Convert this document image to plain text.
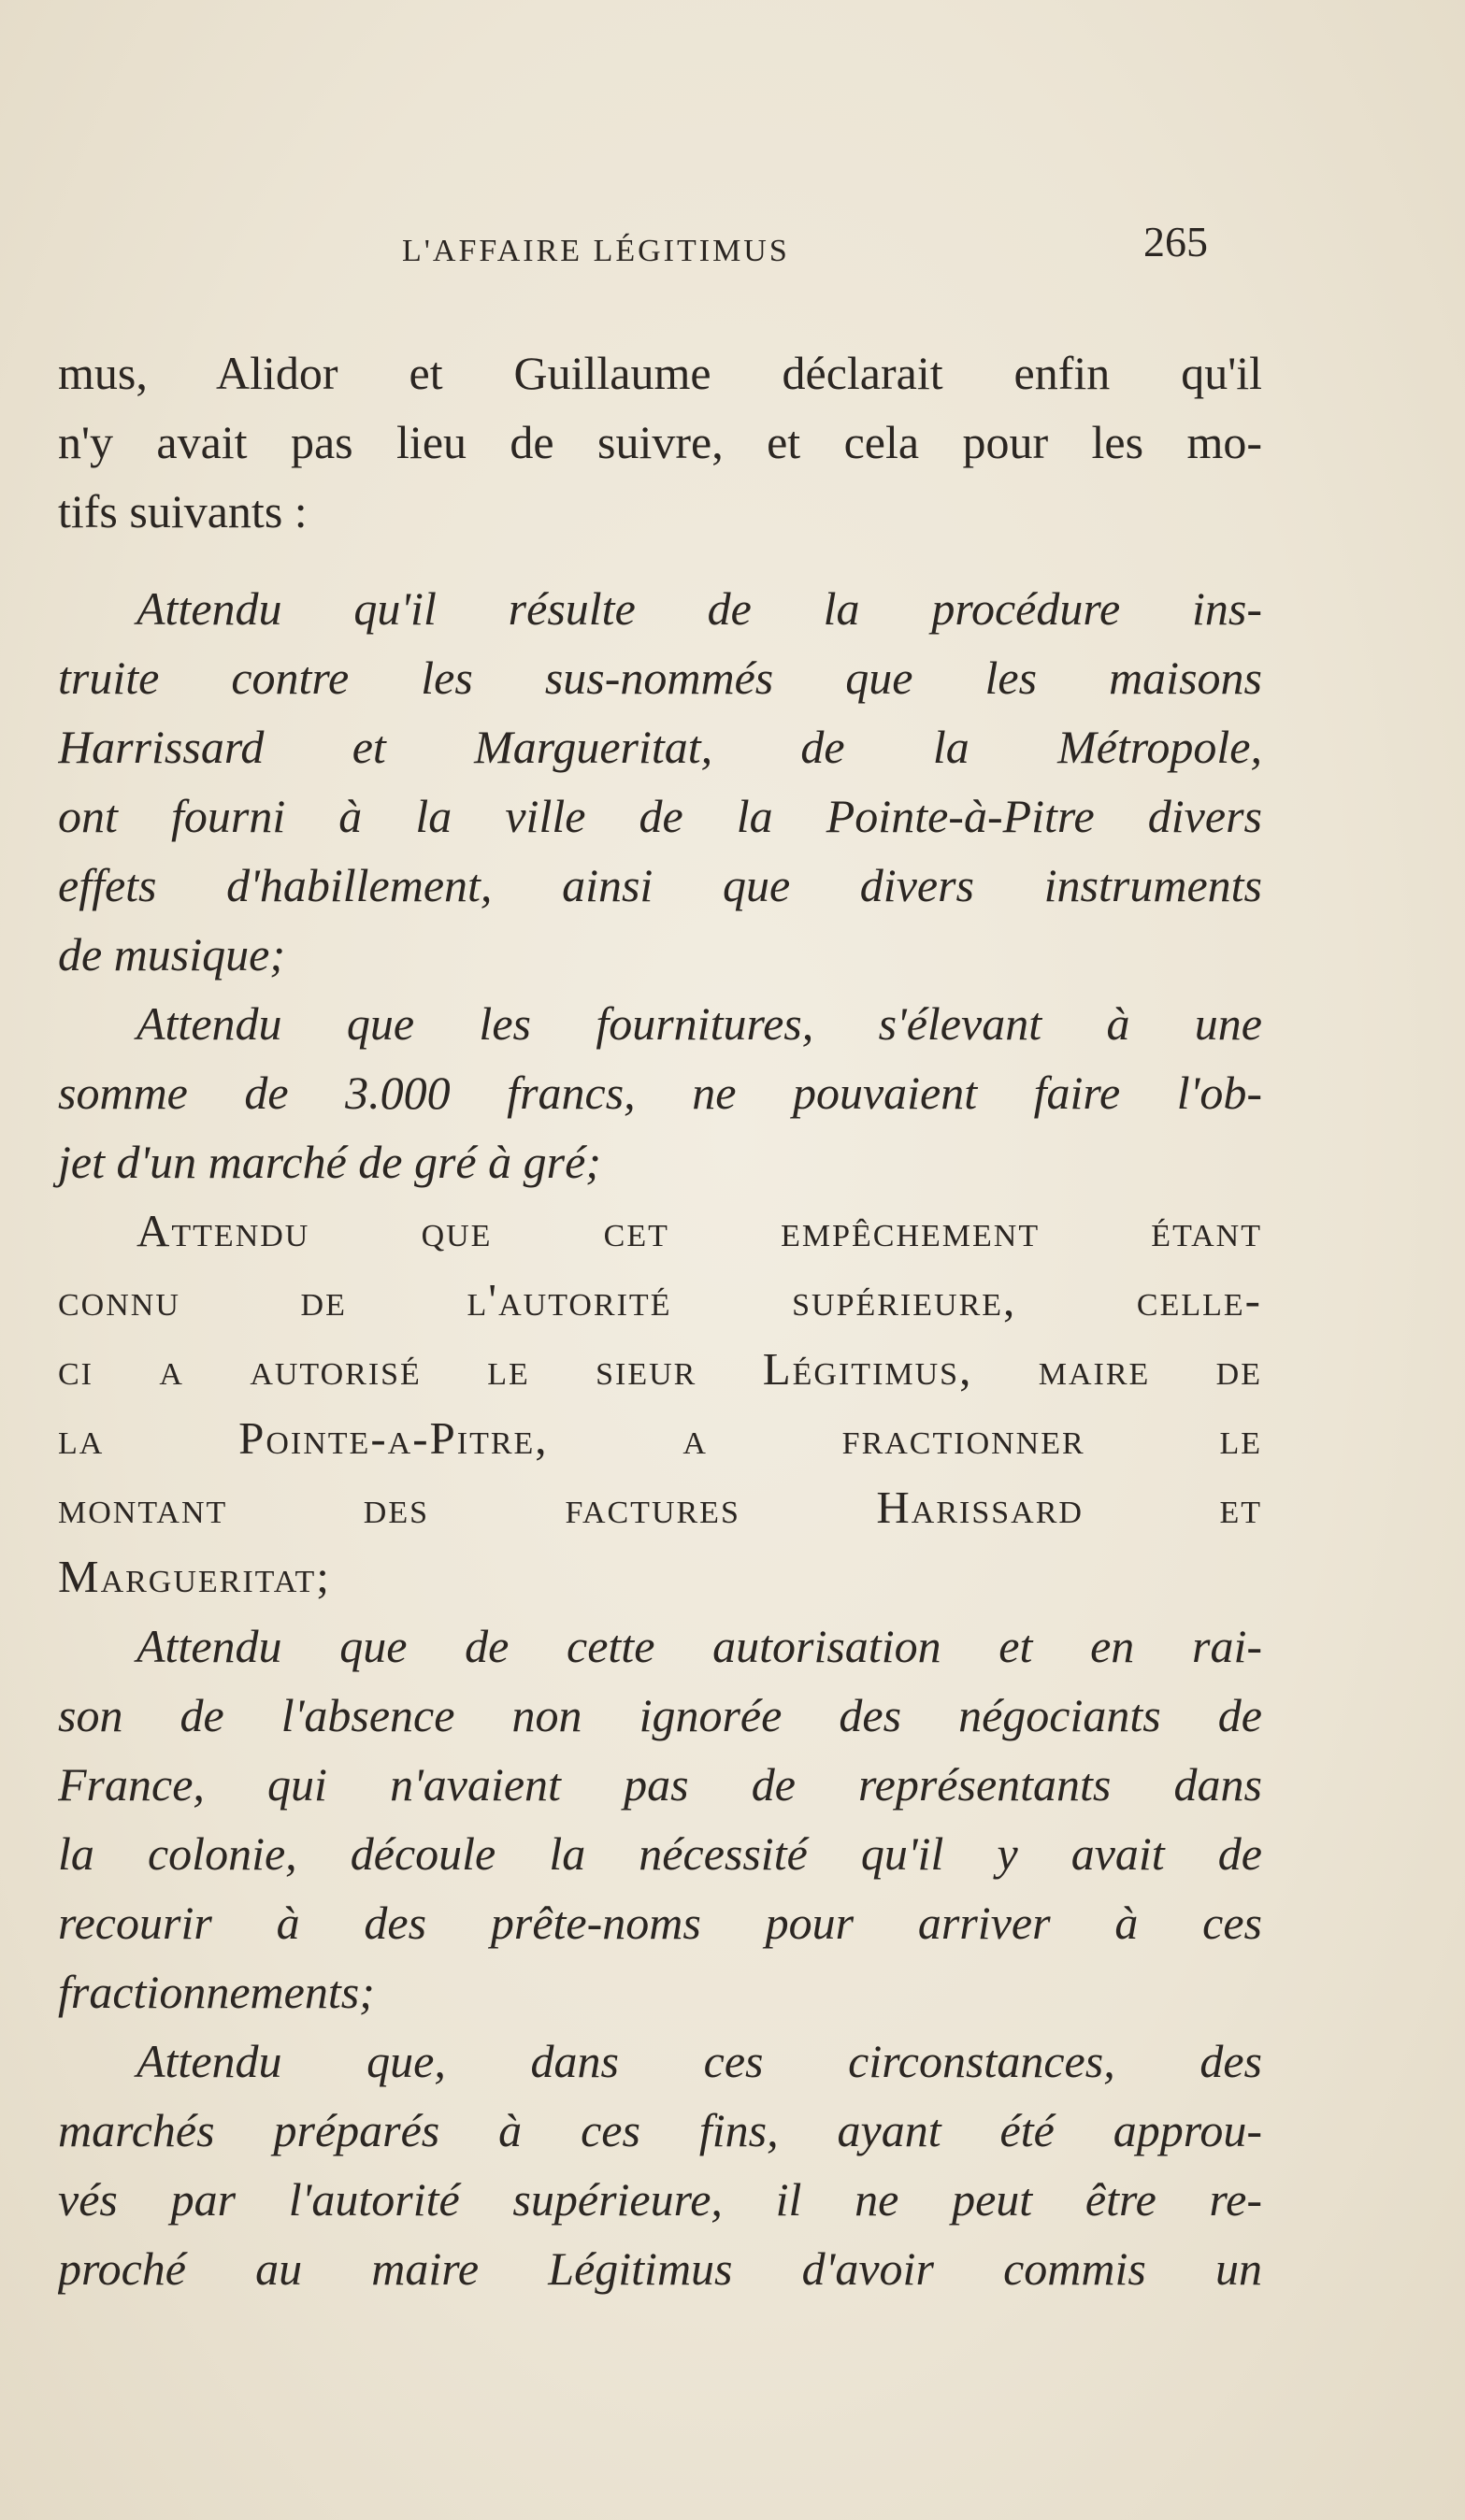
L'AFFAIRE LÉGITIMUS	265
mus, Alidor et Guillaume déclarait enfin qu'il
n'y avait pas lieu de suivre, et cela pour les mo-
tifs suivants :
Attendu qu'il résulte de la procédure ins-
truite contre les sus-nommés que les maisons
Harrissard et Margueritat, de la Métropole,
ont fourni à la ville de la Pointe-à-Pitre divers
effets d'habillement, ainsi que divers instruments
de musique;
Attendu que les fournitures, s'élevant à une
somme de 3.000 francs, ne pouvaient faire l'ob-
jet d'un marché de gré à gré;
Attendu que cet empêchement étant
connu de l'autorité supérieure, celle-
ci a autorisé le sieur Légitimus, maire de
la Pointe-a-Pitre, a fractionner le
montant des factures Harissard et
Margueritat;
Attendu que de cette autorisation et en rai-
son de l'absence non ignorée des négociants de
France, qui n'avaient pas de représentants dans
la colonie, découle la nécessité qu'il y avait de
recourir à des prête-noms pour arriver à ces
fractionnements;
Attendu que, dans ces circonstances, des
marchés préparés à ces fins, ayant été approu-
vés par l'autorité supérieure, il ne peut être re-
proché au maire Légitimus d'avoir commis un
